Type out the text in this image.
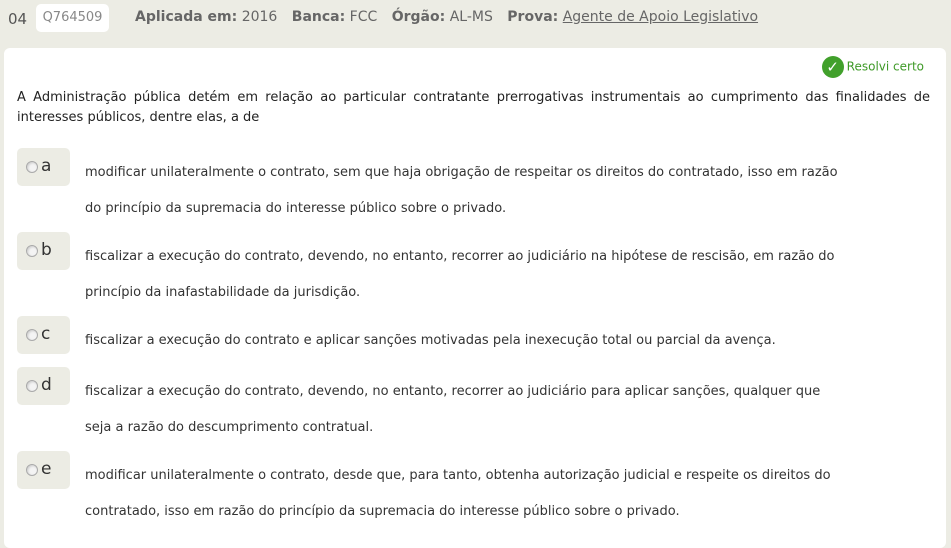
04	Q764509	Aplicada em: 2016 Banca: FCC Órgão: AL-MS Prova: Agente de Apoio Legislativo
✓ Resolvi certo
A Administração pública detém em relação ao particular contratante prerrogativas instrumentais ao cumprimento das finalidades de interesses públicos, dentre elas, a de
a	modificar unilateralmente o contrato, sem que haja obrigação de respeitar os direitos do contratado, isso em razão do princípio da supremacia do interesse público sobre o privado.
b	fiscalizar a execução do contrato, devendo, no entanto, recorrer ao judiciário na hipótese de rescisão, em razão do princípio da inafastabilidade da jurisdição.
c	fiscalizar a execução do contrato e aplicar sanções motivadas pela inexecução total ou parcial da avença.
d	fiscalizar a execução do contrato, devendo, no entanto, recorrer ao judiciário para aplicar sanções, qualquer que seja a razão do descumprimento contratual.
e	modificar unilateralmente o contrato, desde que, para tanto, obtenha autorização judicial e respeite os direitos do contratado, isso em razão do princípio da supremacia do interesse público sobre o privado.
